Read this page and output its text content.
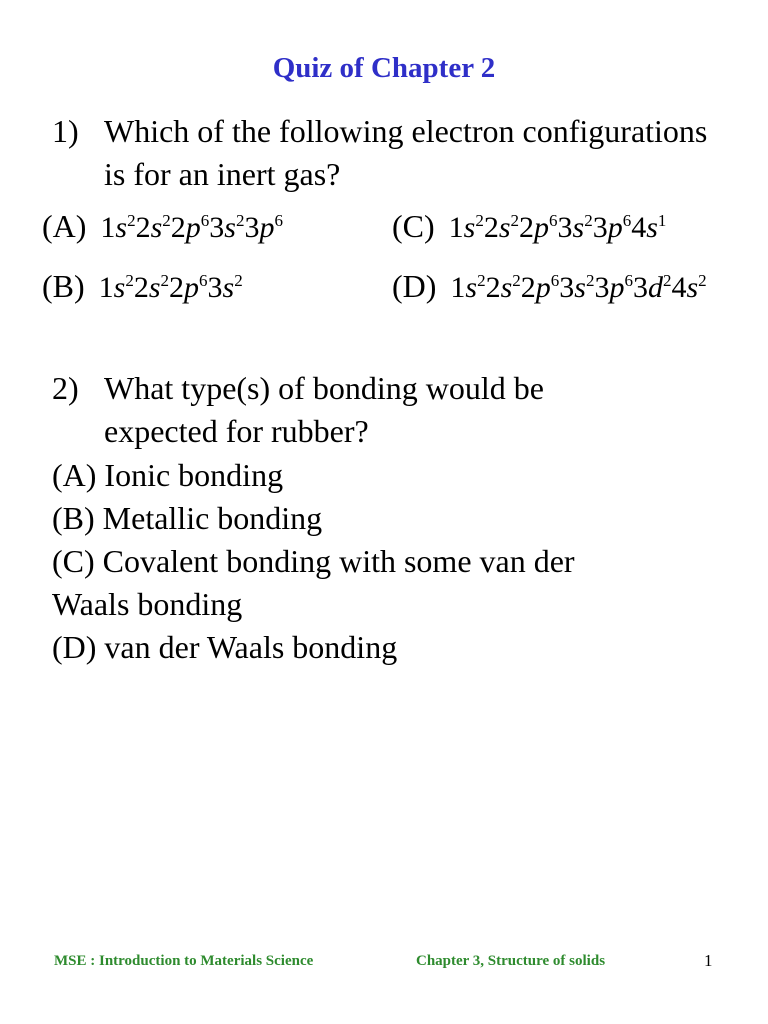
Quiz of Chapter 2
1) Which of the following electron configurations is for an inert gas?
(A) $1s^22s^22p^63s^23p^6$	(C) $1s^22s^22p^63s^23p^64s^1$
(B) $1s^22s^22p^63s^2$	(D) $1s^22s^22p^63s^23p^63d^24s^2$
2) What type(s) of bonding would be expected for rubber?
(A) Ionic bonding
(B) Metallic bonding
(C) Covalent bonding with some van der
Waals bonding
(D) van der Waals bonding
MSE : Introduction to Materials Science	Chapter 3, Structure of solids	1
